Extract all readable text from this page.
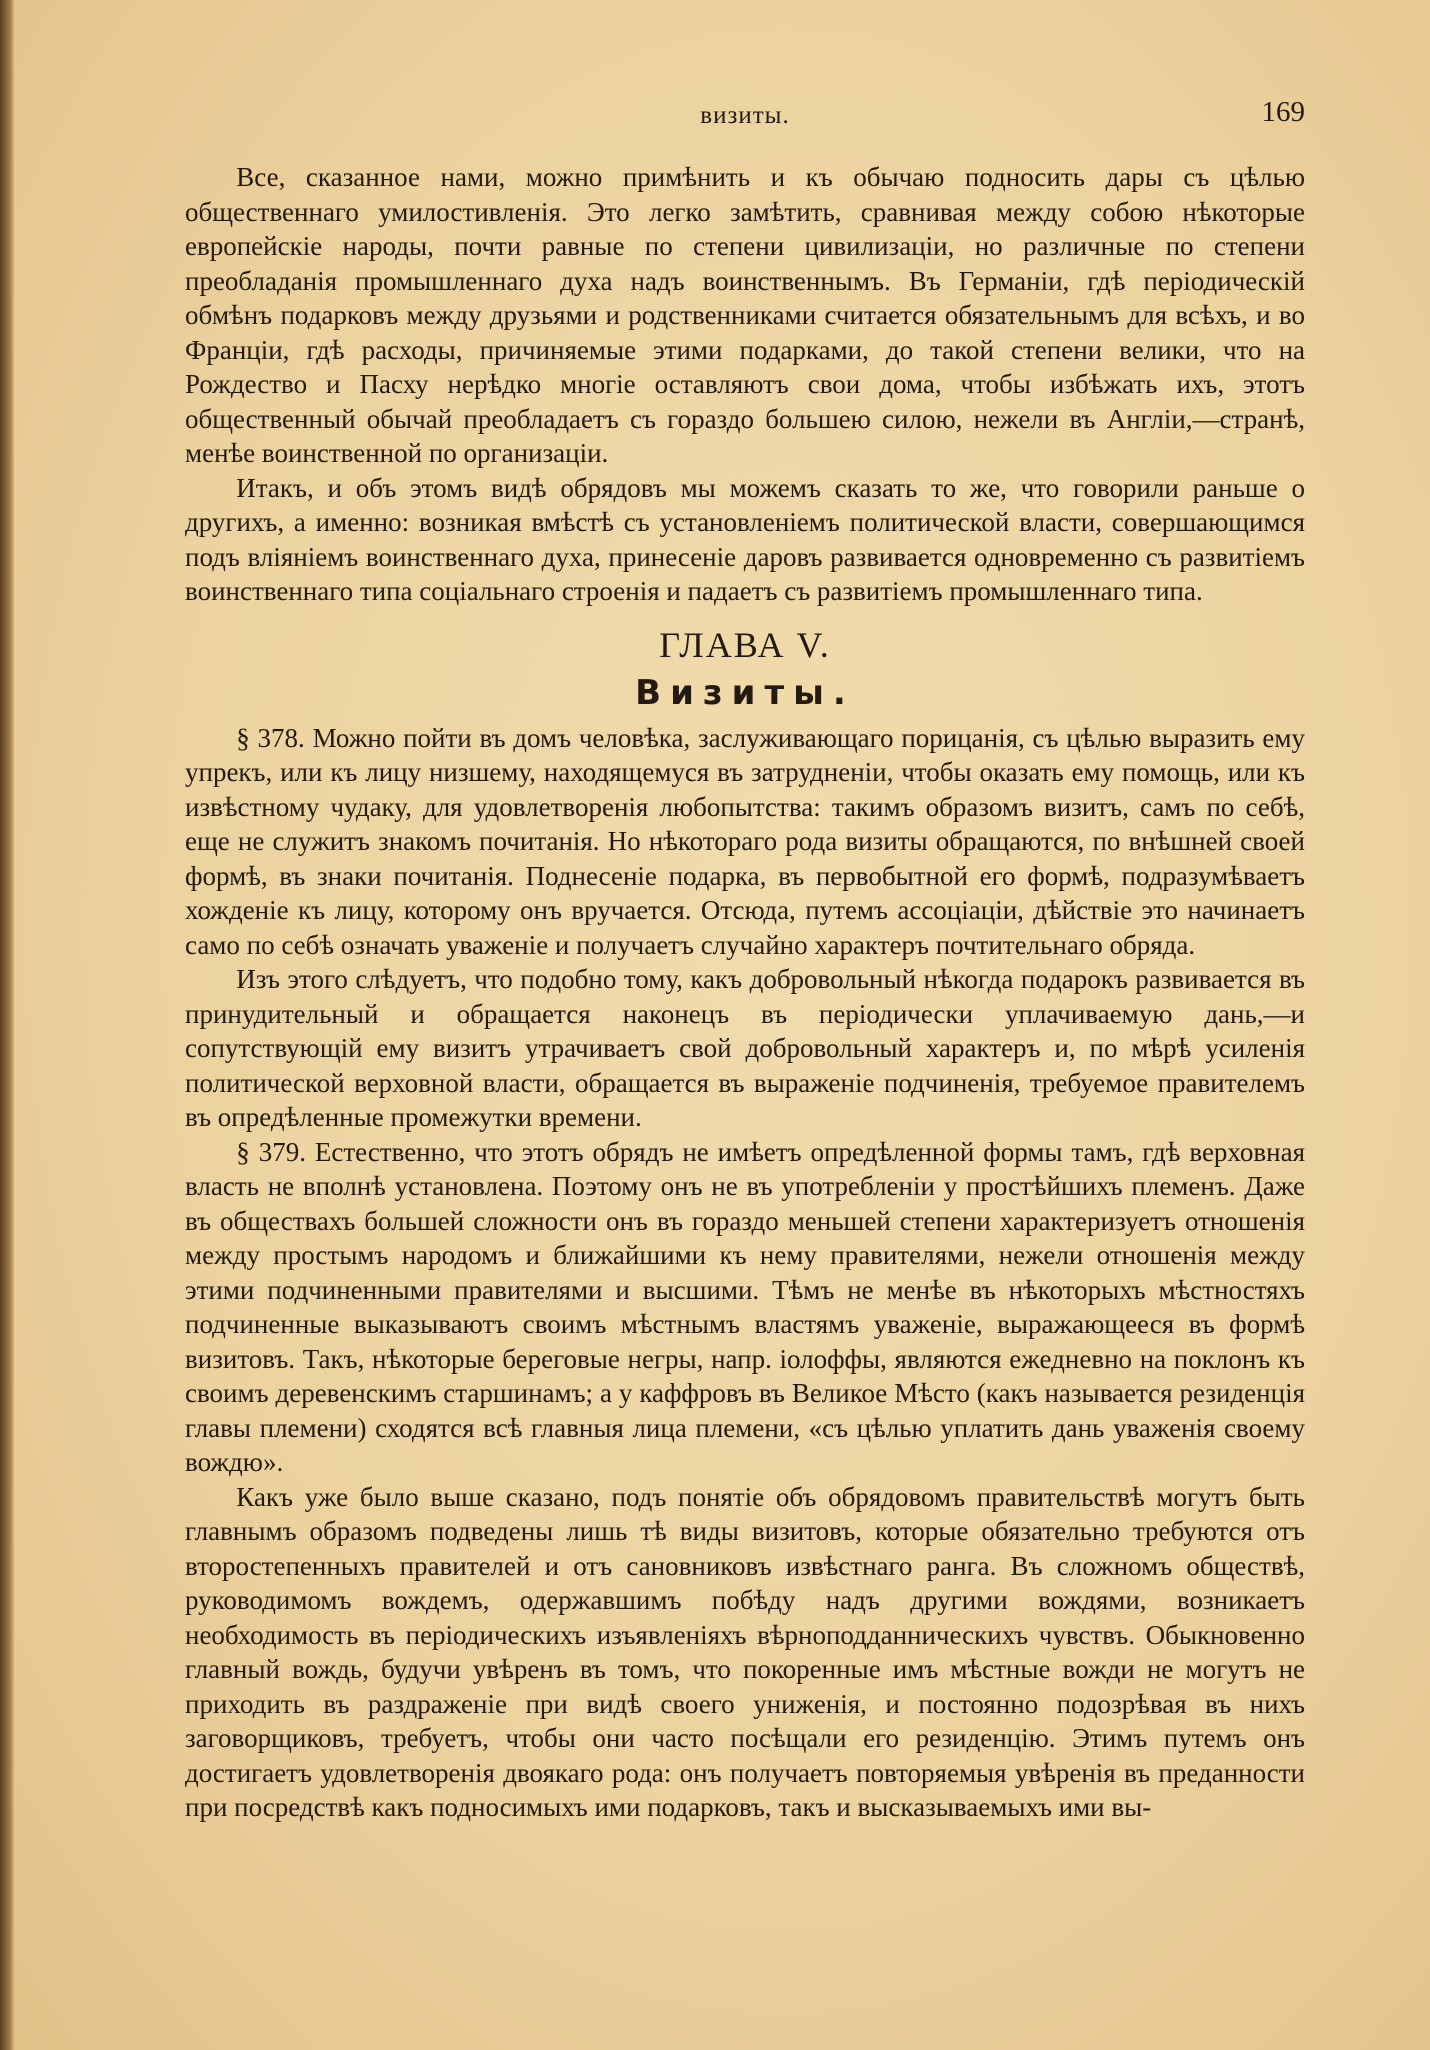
визиты.	169

Все, сказанное нами, можно примѣнить и къ обычаю подносить дары съ цѣлью общественнаго умилостивленія. Это легко замѣтить, сравнивая между собою нѣкоторые европейскіе народы, почти равные по степени цивилизаціи, но различные по степени преобладанія промышленнаго духа надъ воинственнымъ. Въ Германіи, гдѣ періодическій обмѣнъ подарковъ между друзьями и родственниками считается обязательнымъ для всѣхъ, и во Франціи, гдѣ расходы, причиняемые этими подарками, до такой степени велики, что на Рождество и Пасху нерѣдко многіе оставляютъ свои дома, чтобы избѣжать ихъ, этотъ общественный обычай преобладаетъ съ гораздо большею силою, нежели въ Англіи,—странѣ, менѣе воинственной по организаціи.

Итакъ, и объ этомъ видѣ обрядовъ мы можемъ сказать то же, что говорили раньше о другихъ, а именно: возникая вмѣстѣ съ установленіемъ политической власти, совершающимся подъ вліяніемъ воинственнаго духа, принесеніе даровъ развивается одновременно съ развитіемъ воинственнаго типа соціальнаго строенія и падаетъ съ развитіемъ промышленнаго типа.

ГЛАВА V.
Визиты.

§ 378. Можно пойти въ домъ человѣка, заслуживающаго порицанія, съ цѣлью выразить ему упрекъ, или къ лицу низшему, находящемуся въ затрудненіи, чтобы оказать ему помощь, или къ извѣстному чудаку, для удовлетворенія любопытства: такимъ образомъ визитъ, самъ по себѣ, еще не служитъ знакомъ почитанія. Но нѣкотораго рода визиты обращаются, по внѣшней своей формѣ, въ знаки почитанія. Поднесеніе подарка, въ первобытной его формѣ, подразумѣваетъ хожденіе къ лицу, которому онъ вручается. Отсюда, путемъ ассоціаціи, дѣйствіе это начинаетъ само по себѣ означать уваженіе и получаетъ случайно характеръ почтительнаго обряда.

Изъ этого слѣдуетъ, что подобно тому, какъ добровольный нѣкогда подарокъ развивается въ принудительный и обращается наконецъ въ періодически уплачиваемую дань,—и сопутствующій ему визитъ утрачиваетъ свой добровольный характеръ и, по мѣрѣ усиленія политической верховной власти, обращается въ выраженіе подчиненія, требуемое правителемъ въ опредѣленные промежутки времени.

§ 379. Естественно, что этотъ обрядъ не имѣетъ опредѣленной формы тамъ, гдѣ верховная власть не вполнѣ установлена. Поэтому онъ не въ употребленіи у простѣйшихъ племенъ. Даже въ обществахъ большей сложности онъ въ гораздо меньшей степени характеризуетъ отношенія между простымъ народомъ и ближайшими къ нему правителями, нежели отношенія между этими подчиненными правителями и высшими. Тѣмъ не менѣе въ нѣкоторыхъ мѣстностяхъ подчиненные выказываютъ своимъ мѣстнымъ властямъ уваженіе, выражающееся въ формѣ визитовъ. Такъ, нѣкоторые береговые негры, напр. іолоффы, являются ежедневно на поклонъ къ своимъ деревенскимъ старшинамъ; а у каффровъ въ Великое Мѣсто (какъ называется резиденція главы племени) сходятся всѣ главныя лица племени, «съ цѣлью уплатить дань уваженія своему вождю».

Какъ уже было выше сказано, подъ понятіе объ обрядовомъ правительствѣ могутъ быть главнымъ образомъ подведены лишь тѣ виды визитовъ, которые обязательно требуются отъ второстепенныхъ правителей и отъ сановниковъ извѣстнаго ранга. Въ сложномъ обществѣ, руководимомъ вождемъ, одержавшимъ побѣду надъ другими вождями, возникаетъ необходимость въ періодическихъ изъявленіяхъ вѣрноподданническихъ чувствъ. Обыкновенно главный вождь, будучи увѣренъ въ томъ, что покоренные имъ мѣстные вожди не могутъ не приходить въ раздраженіе при видѣ своего униженія, и постоянно подозрѣвая въ нихъ заговорщиковъ, требуетъ, чтобы они часто посѣщали его резиденцію. Этимъ путемъ онъ достигаетъ удовлетворенія двоякаго рода: онъ получаетъ повторяемыя увѣренія въ преданности при посредствѣ какъ подносимыхъ ими подарковъ, такъ и высказываемыхъ ими вы-
